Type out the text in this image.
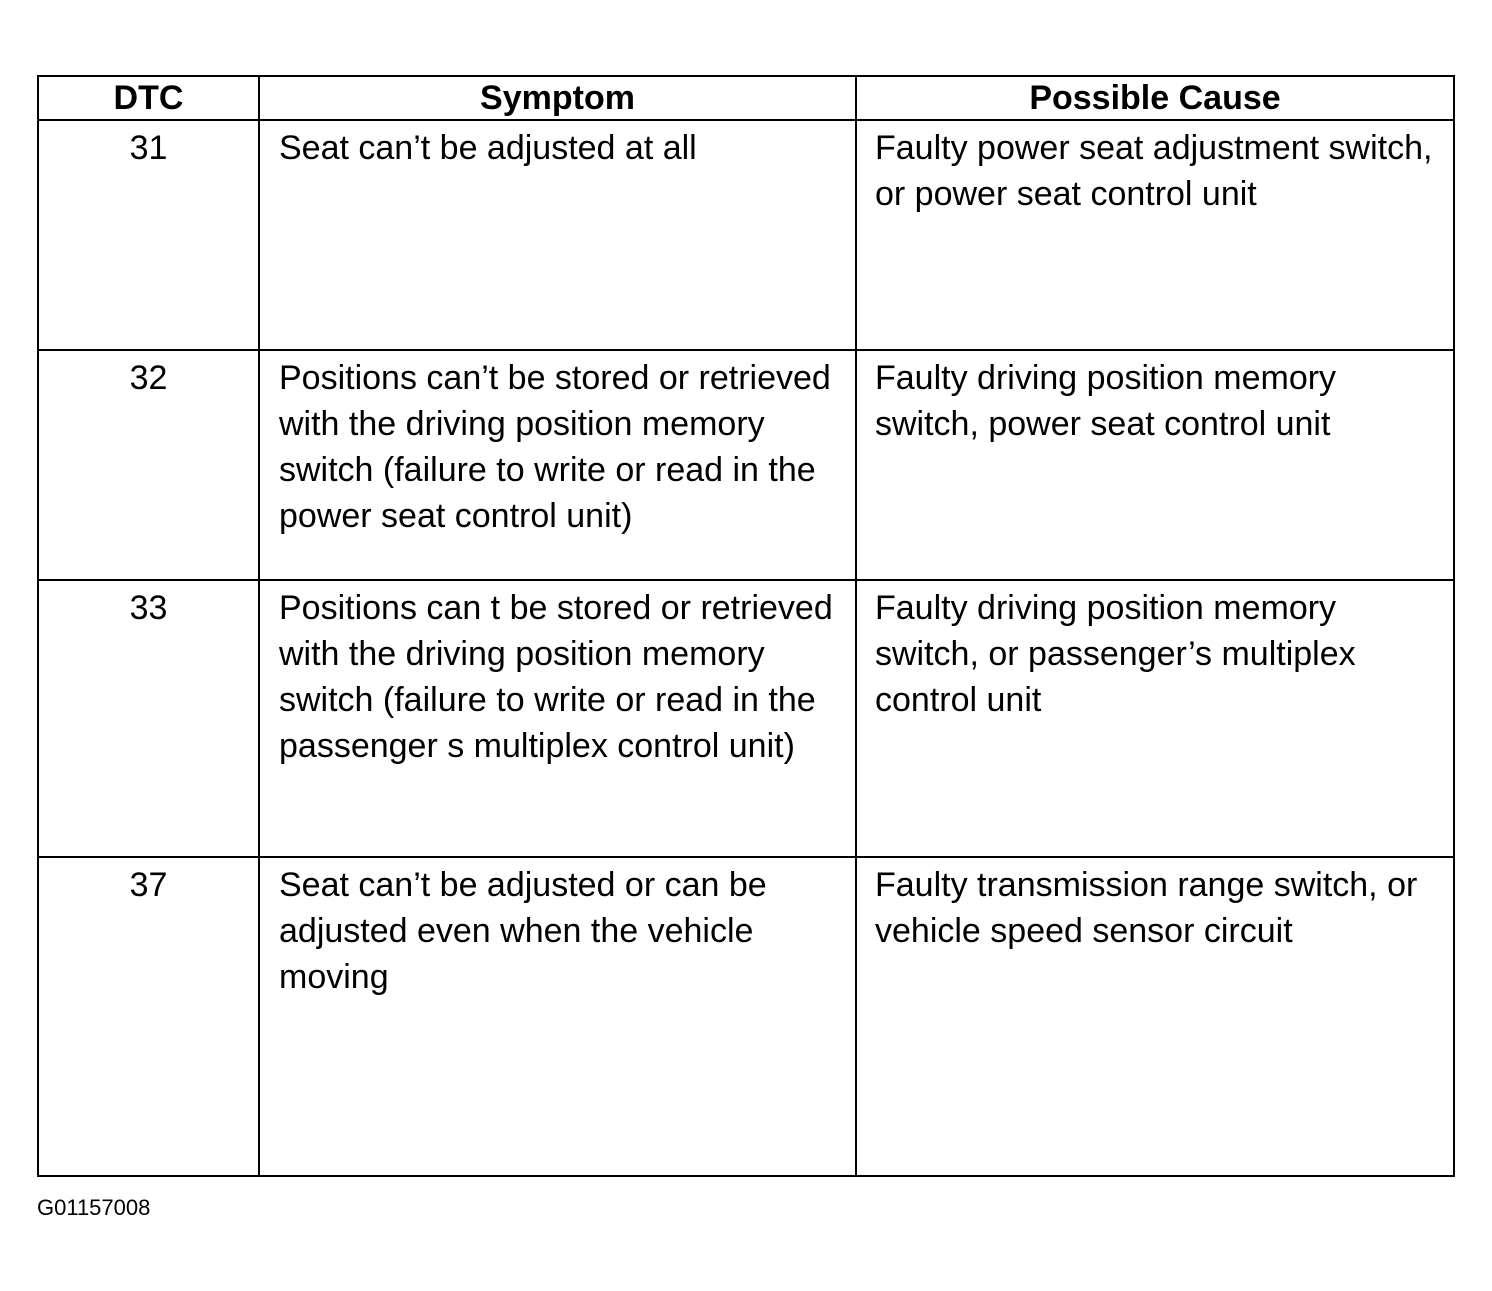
DTC	Symptom	Possible Cause
31	Seat can’t be adjusted at all	Faulty power seat adjustment switch, or power seat control unit
32	Positions can’t be stored or retrieved with the driving position memory switch (failure to write or read in the power seat control unit)	Faulty driving position memory switch, power seat control unit
33	Positions can t be stored or retrieved with the driving position memory switch (failure to write or read in the passenger s multiplex control unit)	Faulty driving position memory switch, or passenger’s multiplex control unit
37	Seat can’t be adjusted or can be adjusted even when the vehicle moving	Faulty transmission range switch, or vehicle speed sensor circuit
G01157008
